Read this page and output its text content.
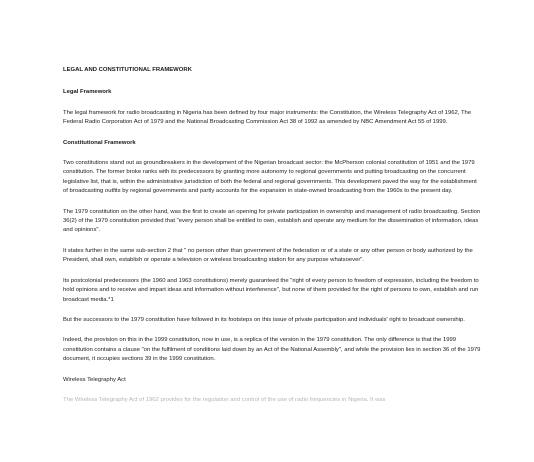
LEGAL AND CONSTITUTIONAL FRAMEWORK
Legal Framework

The legal framework for radio broadcasting in Nigeria has been defined by four major instruments: the Constitution, the Wireless Telegraphy Act of 1962, The Federal Radio Corporation Act of 1979 and the National Broadcasting Commission Act 38 of 1992 as amended by NBC Amendment Act 55 of 1999.

Constitutional Framework

Two constitutions stand out as groundbreakers in the development of the Nigerian broadcast sector: the McPherson colonial constitution of 1951 and the 1979 constitution. The former broke ranks with its predecessors by granting more autonomy to regional governments and putting broadcasting on the concurrent legislative list, that is, within the administrative jurisdiction of both the federal and regional governments. This development paved the way for the establishment of broadcasting outfits by regional governments and partly accounts for the expansion in state-owned broadcasting from the 1960s to the present day.

The 1979 constitution on the other hand, was the first to create an opening for private participation in ownership and management of radio broadcasting. Section 36(2) of the 1979 constitution provided that "every person shall be entitled to own, establish and operate any medium for the dissemination of information, ideas and opinions".

It states further in the same sub-section 2 that " no person other than government of the federation or of a state or any other person or body authorized by the President, shall own, establish or operate a television or wireless broadcasting station for any purpose whatsoever".

Its postcolonial predecessors (the 1960 and 1963 constitutions) merely guaranteed the "right of every person to freedom of expression, including the freedom to hold opinions and to receive and impart ideas and information without interference", but none of them provided for the right of persons to own, establish and run broadcast media.*1

But the successors to the 1979 constitution have followed in its footsteps on this issue of private participation and individuals' right to broadcast ownership.

Indeed, the provision on this in the 1999 constitution, now in use, is a replica of the version in the 1979 constitution. The only difference is that the 1999 constitution contains a clause "on the fulfilment of conditions laid down by an Act of the National Assembly", and while the provision lies in section 36 of the 1979 document, it occupies sections 39 in the 1999 constitution.

Wireless Telegraphy Act

The Wireless Telegraphy Act of 1962 provides for the regulation and control of the use of radio frequencies in Nigeria. It was
